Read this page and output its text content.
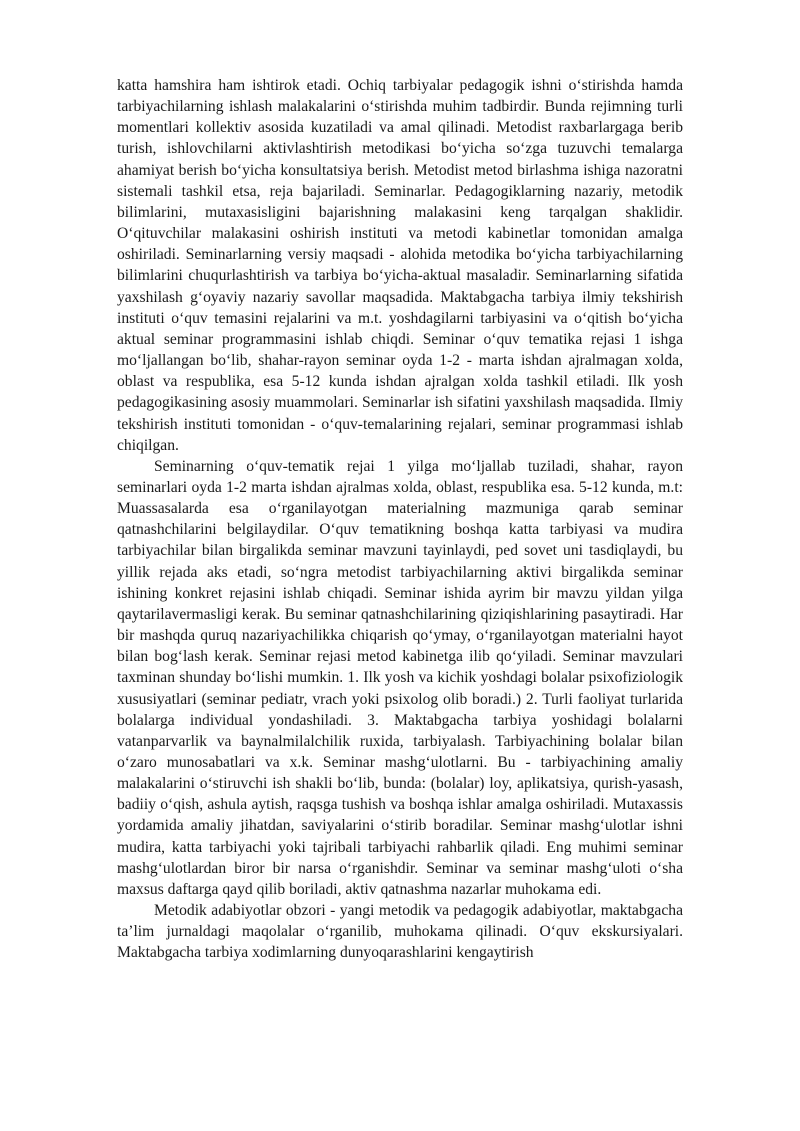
katta hamshira ham ishtirok etadi. Ochiq tarbiyalar pedagogik ishni oʻstirishda hamda tarbiyachilarning ishlash malakalarini oʻstirishda muhim tadbirdir. Bunda rejimning turli momentlari kollektiv asosida kuzatiladi va amal qilinadi. Metodist raxbarlargaga berib turish, ishlovchilarni aktivlashtirish metodikasi boʻyicha soʻzga tuzuvchi temalarga ahamiyat berish boʻyicha konsultatsiya berish. Metodist metod birlashma ishiga nazoratni sistemali tashkil etsa, reja bajariladi. Seminarlar. Pedagogiklarning nazariy, metodik bilimlarini, mutaxasisligini bajarishning malakasini keng tarqalgan shaklidir. Oʻqituvchilar malakasini oshirish instituti va metodi kabinetlar tomonidan amalga oshiriladi. Seminarlarning versiy maqsadi - alohida metodika boʻyicha tarbiyachilarning bilimlarini chuqurlashtirish va tarbiya boʻyicha-aktual masaladir. Seminarlarning sifatida yaxshilash gʻoyaviy nazariy savollar maqsadida. Maktabgacha tarbiya ilmiy tekshirish instituti oʻquv temasini rejalarini va m.t. yoshdagilarni tarbiyasini va oʻqitish boʻyicha aktual seminar programmasini ishlab chiqdi. Seminar oʻquv tematika rejasi 1 ishga moʻljallangan boʻlib, shahar-rayon seminar oyda 1-2 - marta ishdan ajralmagan xolda, oblast va respublika, esa 5-12 kunda ishdan ajralgan xolda tashkil etiladi. Ilk yosh pedagogikasining asosiy muammolari. Seminarlar ish sifatini yaxshilash maqsadida. Ilmiy tekshirish instituti tomonidan - oʻquv-temalarining rejalari, seminar programmasi ishlab chiqilgan.

Seminarning oʻquv-tematik rejai 1 yilga moʻljallab tuziladi, shahar, rayon seminarlari oyda 1-2 marta ishdan ajralmas xolda, oblast, respublika esa. 5-12 kunda, m.t: Muassasalarda esa oʻrganilayotgan materialning mazmuniga qarab seminar qatnashchilarini belgilaydilar. Oʻquv tematikning boshqa katta tarbiyasi va mudira tarbiyachilar bilan birgalikda seminar mavzuni tayinlaydi, ped sovet uni tasdiqlaydi, bu yillik rejada aks etadi, soʻngra metodist tarbiyachilarning aktivi birgalikda seminar ishining konkret rejasini ishlab chiqadi. Seminar ishida ayrim bir mavzu yildan yilga qaytarilavermasligi kerak. Bu seminar qatnashchilarining qiziqishlarining pasaytiradi. Har bir mashqda quruq nazariyachilikka chiqarish qoʻymay, oʻrganilayotgan materialni hayot bilan bogʻlash kerak. Seminar rejasi metod kabinetga ilib qoʻyiladi. Seminar mavzulari taxminan shunday boʻlishi mumkin. 1. Ilk yosh va kichik yoshdagi bolalar psixofiziologik xususiyatlari (seminar pediatr, vrach yoki psixolog olib boradi.) 2. Turli faoliyat turlarida bolalarga individual yondashiladi. 3. Maktabgacha tarbiya yoshidagi bolalarni vatanparvarlik va baynalmilalchilik ruxida, tarbiyalash. Tarbiyachining bolalar bilan oʻzaro munosabatlari va x.k. Seminar mashgʻulotlarni. Bu - tarbiyachining amaliy malakalarini oʻstiruvchi ish shakli boʻlib, bunda: (bolalar) loy, aplikatsiya, qurish-yasash, badiiy oʻqish, ashula aytish, raqsga tushish va boshqa ishlar amalga oshiriladi. Mutaxassis yordamida amaliy jihatdan, saviyalarini oʻstirib boradilar. Seminar mashgʻulotlar ishni mudira, katta tarbiyachi yoki tajribali tarbiyachi rahbarlik qiladi. Eng muhimi seminar mashgʻulotlardan biror bir narsa oʻrganishdir. Seminar va seminar mashgʻuloti oʻsha maxsus daftarga qayd qilib boriladi, aktiv qatnashma nazarlar muhokama edi.

Metodik adabiyotlar obzori - yangi metodik va pedagogik adabiyotlar, maktabgacha ta’lim jurnaldagi maqolalar oʻrganilib, muhokama qilinadi. Oʻquv ekskursiyalari. Maktabgacha tarbiya xodimlarning dunyoqarashlarini kengaytirish
